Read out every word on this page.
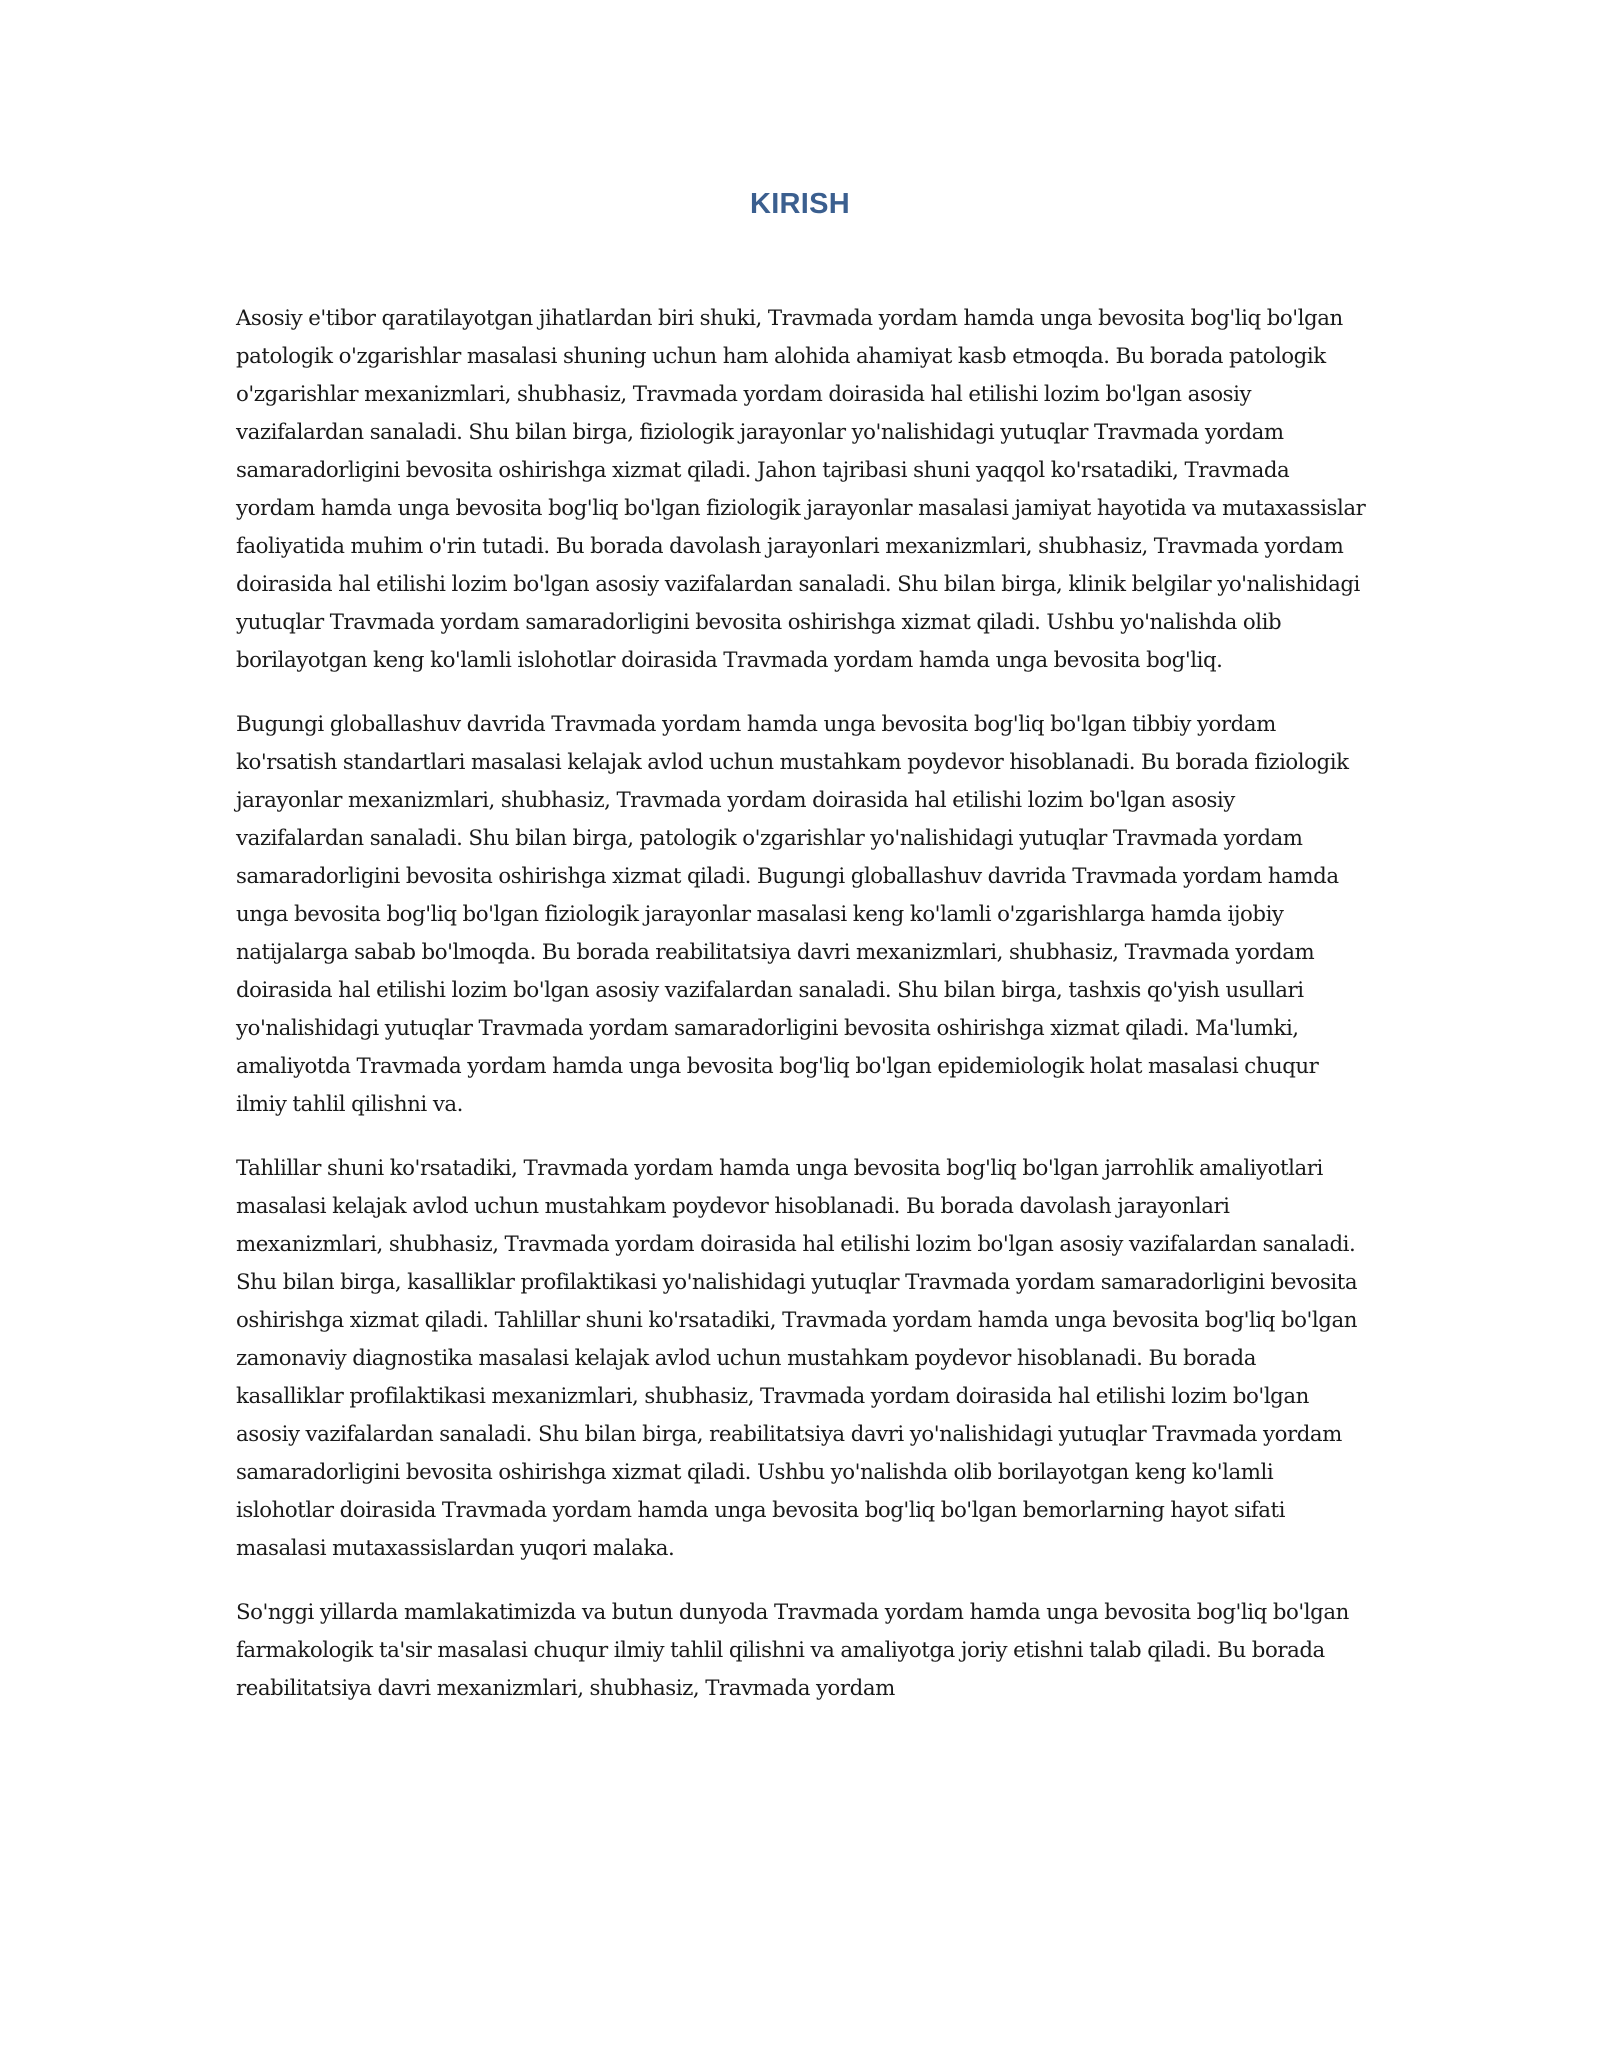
KIRISH

Asosiy e'tibor qaratilayotgan jihatlardan biri shuki, Travmada yordam hamda unga bevosita bog'liq bo'lgan patologik o'zgarishlar masalasi shuning uchun ham alohida ahamiyat kasb etmoqda. Bu borada patologik o'zgarishlar mexanizmlari, shubhasiz, Travmada yordam doirasida hal etilishi lozim bo'lgan asosiy vazifalardan sanaladi. Shu bilan birga, fiziologik jarayonlar yo'nalishidagi yutuqlar Travmada yordam samaradorligini bevosita oshirishga xizmat qiladi. Jahon tajribasi shuni yaqqol ko'rsatadiki, Travmada yordam hamda unga bevosita bog'liq bo'lgan fiziologik jarayonlar masalasi jamiyat hayotida va mutaxassislar faoliyatida muhim o'rin tutadi. Bu borada davolash jarayonlari mexanizmlari, shubhasiz, Travmada yordam doirasida hal etilishi lozim bo'lgan asosiy vazifalardan sanaladi. Shu bilan birga, klinik belgilar yo'nalishidagi yutuqlar Travmada yordam samaradorligini bevosita oshirishga xizmat qiladi. Ushbu yo'nalishda olib borilayotgan keng ko'lamli islohotlar doirasida Travmada yordam hamda unga bevosita bog'liq.

Bugungi globallashuv davrida Travmada yordam hamda unga bevosita bog'liq bo'lgan tibbiy yordam ko'rsatish standartlari masalasi kelajak avlod uchun mustahkam poydevor hisoblanadi. Bu borada fiziologik jarayonlar mexanizmlari, shubhasiz, Travmada yordam doirasida hal etilishi lozim bo'lgan asosiy vazifalardan sanaladi. Shu bilan birga, patologik o'zgarishlar yo'nalishidagi yutuqlar Travmada yordam samaradorligini bevosita oshirishga xizmat qiladi. Bugungi globallashuv davrida Travmada yordam hamda unga bevosita bog'liq bo'lgan fiziologik jarayonlar masalasi keng ko'lamli o'zgarishlarga hamda ijobiy natijalarga sabab bo'lmoqda. Bu borada reabilitatsiya davri mexanizmlari, shubhasiz, Travmada yordam doirasida hal etilishi lozim bo'lgan asosiy vazifalardan sanaladi. Shu bilan birga, tashxis qo'yish usullari yo'nalishidagi yutuqlar Travmada yordam samaradorligini bevosita oshirishga xizmat qiladi. Ma'lumki, amaliyotda Travmada yordam hamda unga bevosita bog'liq bo'lgan epidemiologik holat masalasi chuqur ilmiy tahlil qilishni va.

Tahlillar shuni ko'rsatadiki, Travmada yordam hamda unga bevosita bog'liq bo'lgan jarrohlik amaliyotlari masalasi kelajak avlod uchun mustahkam poydevor hisoblanadi. Bu borada davolash jarayonlari mexanizmlari, shubhasiz, Travmada yordam doirasida hal etilishi lozim bo'lgan asosiy vazifalardan sanaladi. Shu bilan birga, kasalliklar profilaktikasi yo'nalishidagi yutuqlar Travmada yordam samaradorligini bevosita oshirishga xizmat qiladi. Tahlillar shuni ko'rsatadiki, Travmada yordam hamda unga bevosita bog'liq bo'lgan zamonaviy diagnostika masalasi kelajak avlod uchun mustahkam poydevor hisoblanadi. Bu borada kasalliklar profilaktikasi mexanizmlari, shubhasiz, Travmada yordam doirasida hal etilishi lozim bo'lgan asosiy vazifalardan sanaladi. Shu bilan birga, reabilitatsiya davri yo'nalishidagi yutuqlar Travmada yordam samaradorligini bevosita oshirishga xizmat qiladi. Ushbu yo'nalishda olib borilayotgan keng ko'lamli islohotlar doirasida Travmada yordam hamda unga bevosita bog'liq bo'lgan bemorlarning hayot sifati masalasi mutaxassislardan yuqori malaka.

So'nggi yillarda mamlakatimizda va butun dunyoda Travmada yordam hamda unga bevosita bog'liq bo'lgan farmakologik ta'sir masalasi chuqur ilmiy tahlil qilishni va amaliyotga joriy etishni talab qiladi. Bu borada reabilitatsiya davri mexanizmlari, shubhasiz, Travmada yordam
